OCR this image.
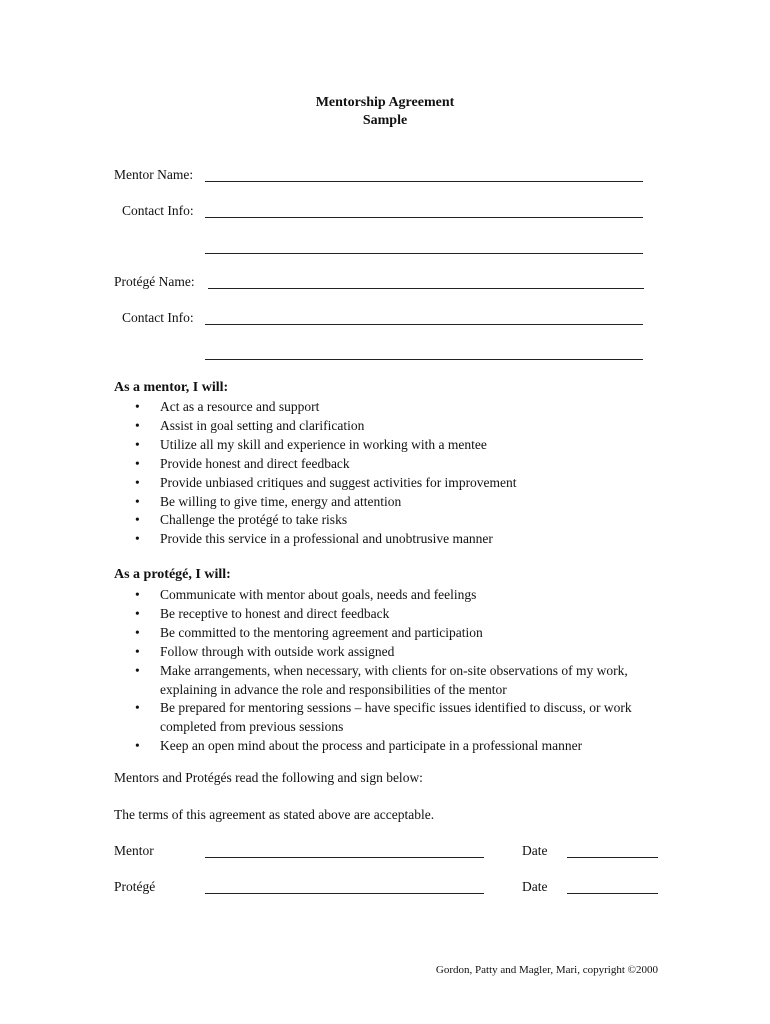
Mentorship Agreement
Sample
Mentor Name:
Contact Info:
Protégé Name:
Contact Info:
As a mentor, I will:
• Act as a resource and support
• Assist in goal setting and clarification
• Utilize all my skill and experience in working with a mentee
• Provide honest and direct feedback
• Provide unbiased critiques and suggest activities for improvement
• Be willing to give time, energy and attention
• Challenge the protégé to take risks
• Provide this service in a professional and unobtrusive manner
As a protégé, I will:
• Communicate with mentor about goals, needs and feelings
• Be receptive to honest and direct feedback
• Be committed to the mentoring agreement and participation
• Follow through with outside work assigned
• Make arrangements, when necessary, with clients for on-site observations of my work, explaining in advance the role and responsibilities of the mentor
• Be prepared for mentoring sessions – have specific issues identified to discuss, or work completed from previous sessions
• Keep an open mind about the process and participate in a professional manner
Mentors and Protégés read the following and sign below:
The terms of this agreement as stated above are acceptable.
Mentor	Date
Protégé	Date
Gordon, Patty and Magler, Mari, copyright ©2000
